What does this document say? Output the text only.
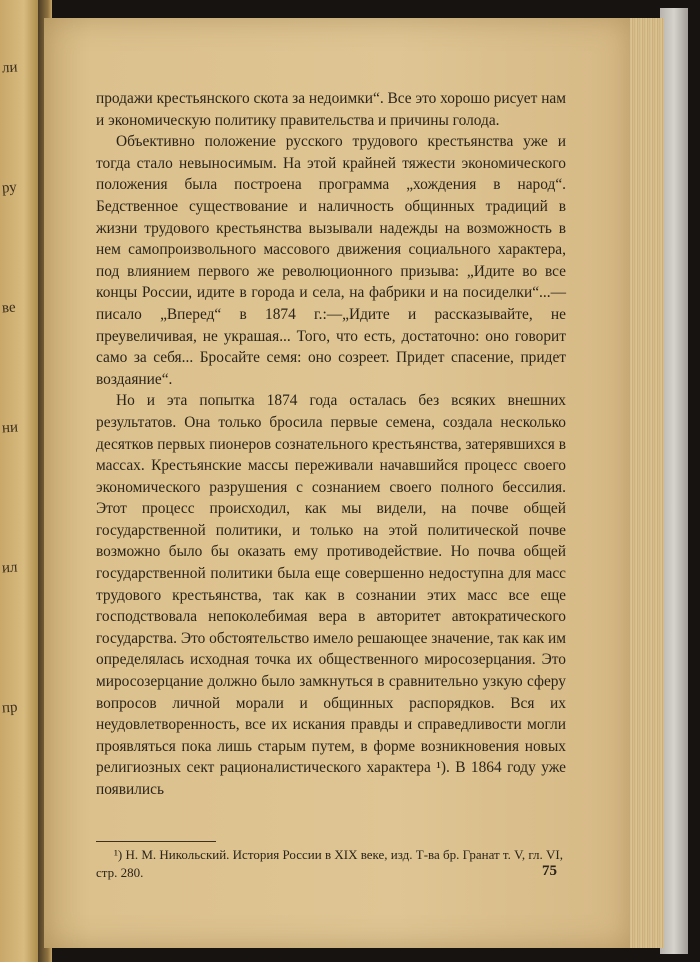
ли
ру
ве
ни
ил
пр

продажи крестьянского скота за недоимки“. Все это хорошо рисует нам и экономическую политику правительства и причины голода.

Объективно положение русского трудового крестьянства уже и тогда стало невыносимым. На этой крайней тяжести экономического положения была построена программа „хождения в народ“. Бедственное существование и наличность общинных традиций в жизни трудового крестьянства вызывали надежды на возможность в нем самопроизвольного массового движения социального характера, под влиянием первого же революционного призыва: „Идите во все концы России, идите в города и села, на фабрики и на посиделки“...—писало „Вперед“ в 1874 г.:—„Идите и рассказывайте, не преувеличивая, не украшая... Того, что есть, достаточно: оно говорит само за себя... Бросайте семя: оно созреет. Придет спасение, придет воздаяние“.

Но и эта попытка 1874 года осталась без всяких внешних результатов. Она только бросила первые семена, создала несколько десятков первых пионеров сознательного крестьянства, затерявшихся в массах. Крестьянские массы переживали начавшийся процесс своего экономического разрушения с сознанием своего полного бессилия. Этот процесс происходил, как мы видели, на почве общей государственной политики, и только на этой политической почве возможно было бы оказать ему противодействие. Но почва общей государственной политики была еще совершенно недоступна для масс трудового крестьянства, так как в сознании этих масс все еще господствовала непоколебимая вера в авторитет автократического государства. Это обстоятельство имело решающее значение, так как им определялась исходная точка их общественного миросозерцания. Это миросозерцание должно было замкнуться в сравнительно узкую сферу вопросов личной морали и общинных распорядков. Вся их неудовлетворенность, все их искания правды и справедливости могли проявляться пока лишь старым путем, в форме возникновения новых религиозных сект рационалистического характера ¹). В 1864 году уже появились

¹) Н. М. Никольский. История России в XIX веке, изд. Т-ва бр. Гранат т. V, гл. VI, стр. 280.	75
